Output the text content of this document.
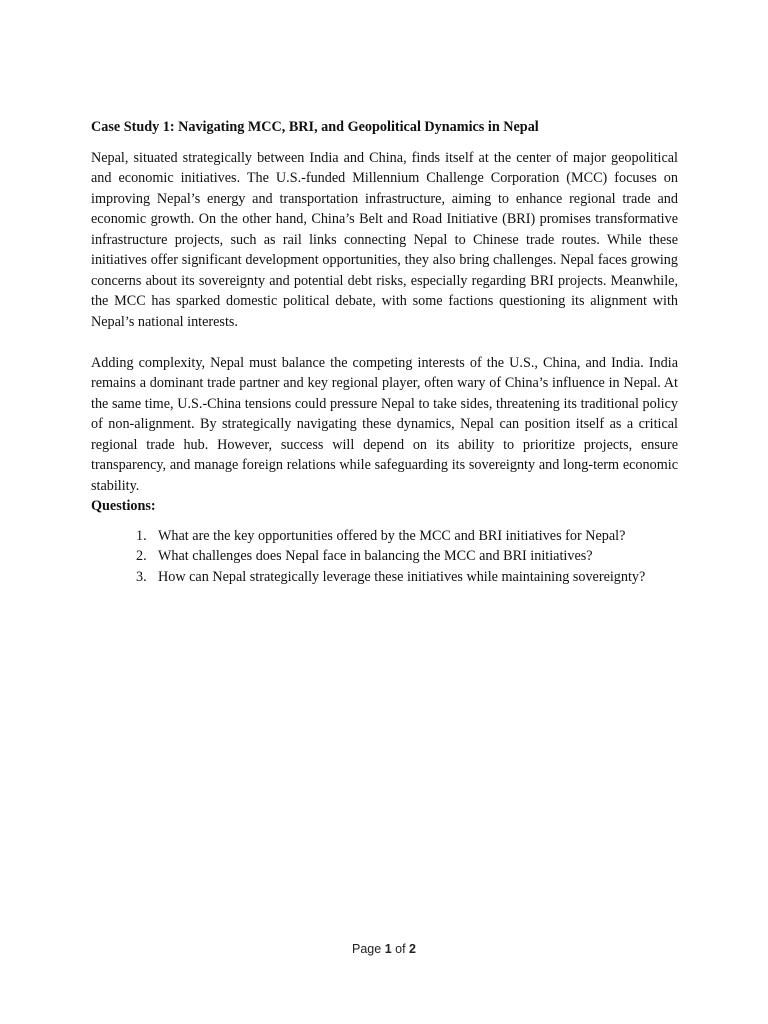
Case Study 1: Navigating MCC, BRI, and Geopolitical Dynamics in Nepal

Nepal, situated strategically between India and China, finds itself at the center of major geopolitical and economic initiatives. The U.S.-funded Millennium Challenge Corporation (MCC) focuses on improving Nepal’s energy and transportation infrastructure, aiming to enhance regional trade and economic growth. On the other hand, China’s Belt and Road Initiative (BRI) promises transformative infrastructure projects, such as rail links connecting Nepal to Chinese trade routes. While these initiatives offer significant development opportunities, they also bring challenges. Nepal faces growing concerns about its sovereignty and potential debt risks, especially regarding BRI projects. Meanwhile, the MCC has sparked domestic political debate, with some factions questioning its alignment with Nepal’s national interests.

Adding complexity, Nepal must balance the competing interests of the U.S., China, and India. India remains a dominant trade partner and key regional player, often wary of China’s influence in Nepal. At the same time, U.S.-China tensions could pressure Nepal to take sides, threatening its traditional policy of non-alignment. By strategically navigating these dynamics, Nepal can position itself as a critical regional trade hub. However, success will depend on its ability to prioritize projects, ensure transparency, and manage foreign relations while safeguarding its sovereignty and long-term economic stability.

Questions:
1. What are the key opportunities offered by the MCC and BRI initiatives for Nepal?
2. What challenges does Nepal face in balancing the MCC and BRI initiatives?
3. How can Nepal strategically leverage these initiatives while maintaining sovereignty?
Page 1 of 2
